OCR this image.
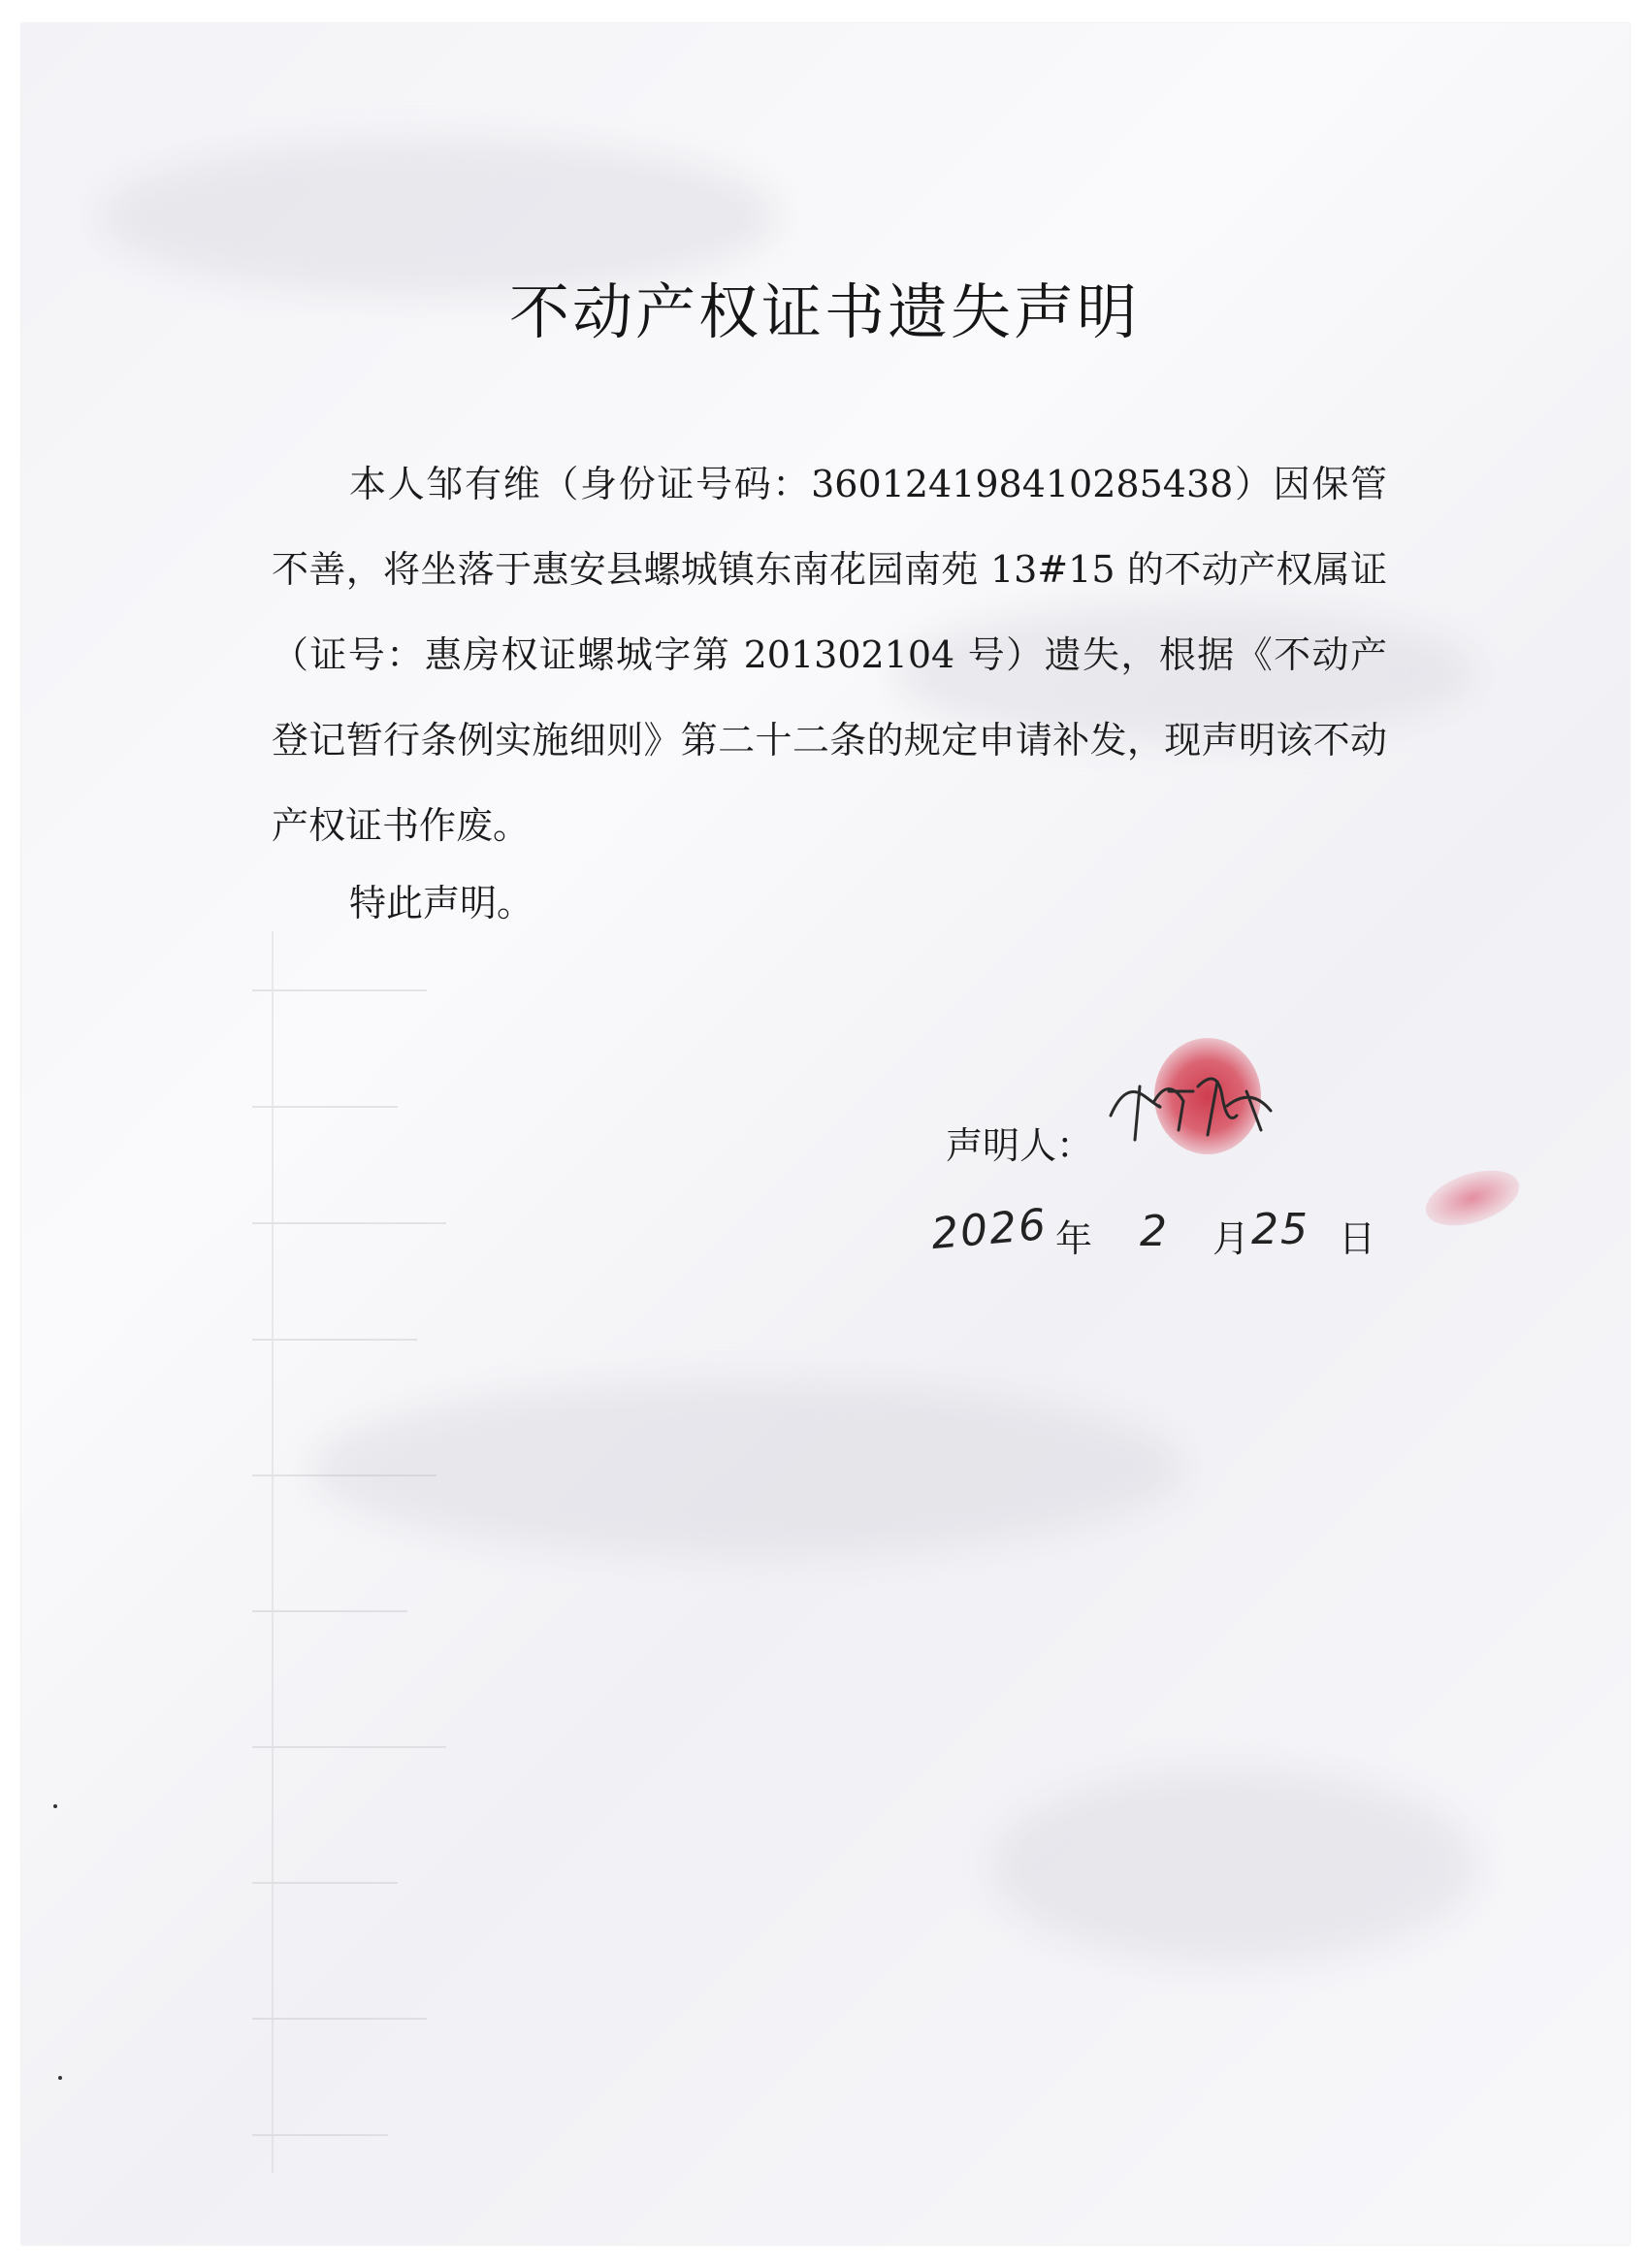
不动产权证书遗失声明
本人邹有维（身份证号码：360124198410285438）因保管不善，将坐落于惠安县螺城镇东南花园南苑 13#15 的不动产权属证（证号：惠房权证螺城字第 201302104 号）遗失，根据《不动产登记暂行条例实施细则》第二十二条的规定申请补发，现声明该不动产权证书作废。
特此声明。
声明人：
2026 年 2 月 25 日
